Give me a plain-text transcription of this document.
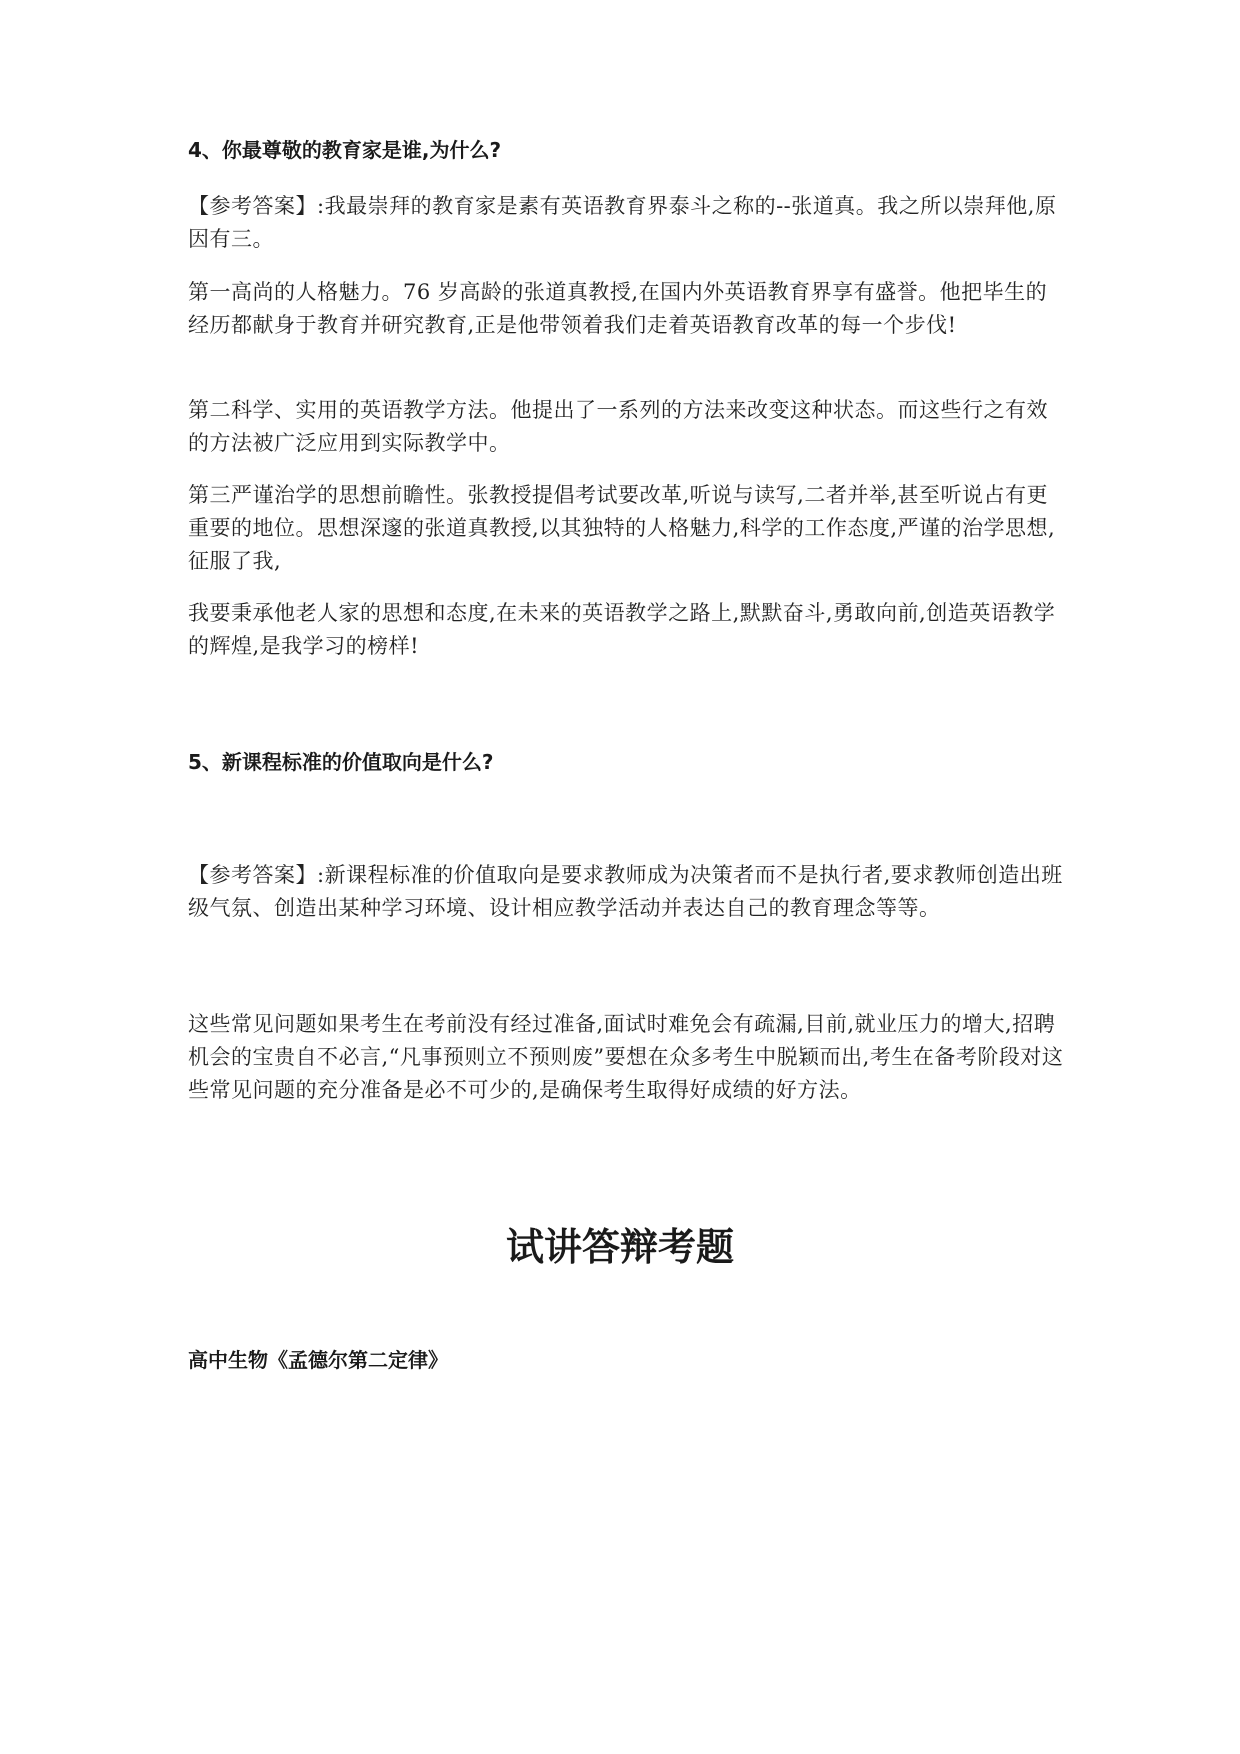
4、你最尊敬的教育家是谁,为什么?

【参考答案】:我最崇拜的教育家是素有英语教育界泰斗之称的--张道真。我之所以崇拜他,原因有三。

第一高尚的人格魅力。76 岁高龄的张道真教授,在国内外英语教育界享有盛誉。他把毕生的经历都献身于教育并研究教育,正是他带领着我们走着英语教育改革的每一个步伐!

第二科学、实用的英语教学方法。他提出了一系列的方法来改变这种状态。而这些行之有效的方法被广泛应用到实际教学中。

第三严谨治学的思想前瞻性。张教授提倡考试要改革,听说与读写,二者并举,甚至听说占有更重要的地位。思想深邃的张道真教授,以其独特的人格魅力,科学的工作态度,严谨的治学思想,征服了我,

我要秉承他老人家的思想和态度,在未来的英语教学之路上,默默奋斗,勇敢向前,创造英语教学的辉煌,是我学习的榜样!

5、新课程标准的价值取向是什么?

【参考答案】:新课程标准的价值取向是要求教师成为决策者而不是执行者,要求教师创造出班级气氛、创造出某种学习环境、设计相应教学活动并表达自己的教育理念等等。

这些常见问题如果考生在考前没有经过准备,面试时难免会有疏漏,目前,就业压力的增大,招聘机会的宝贵自不必言,“凡事预则立不预则废”要想在众多考生中脱颖而出,考生在备考阶段对这些常见问题的充分准备是必不可少的,是确保考生取得好成绩的好方法。

试讲答辩考题

高中生物《孟德尔第二定律》
